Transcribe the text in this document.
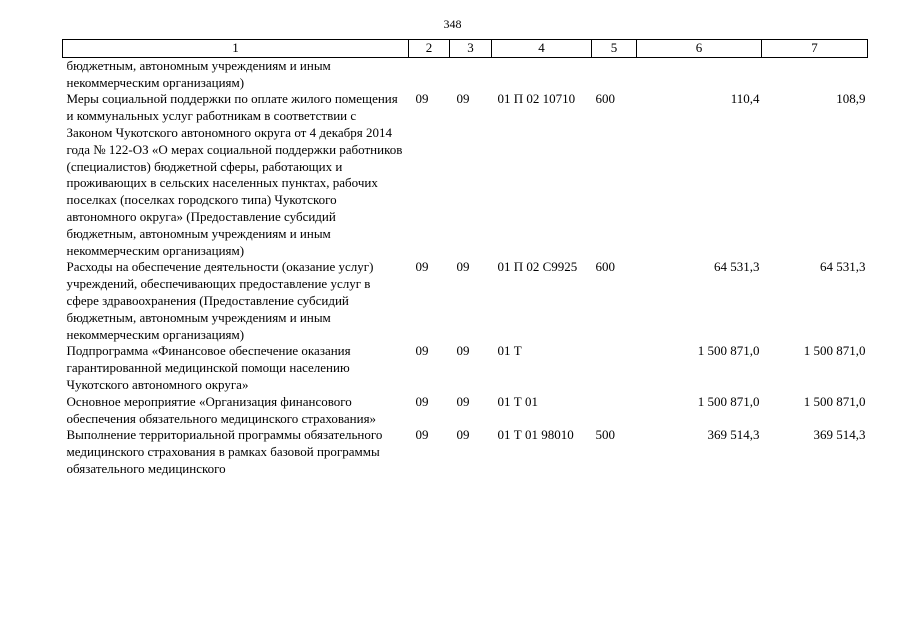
348
1	2	3	4	5	6	7
бюджетным, автономным учреждениям и иным некоммерческим организациям)						
Меры социальной поддержки по оплате жилого помещения и коммунальных услуг работникам в соответствии с Законом Чукотского автономного округа от 4 декабря 2014 года № 122-ОЗ «О мерах социальной поддержки работников (специалистов) бюджетной сферы, работающих и проживающих в сельских населенных пунктах, рабочих поселках (поселках городского типа) Чукотского автономного округа» (Предоставление субсидий бюджетным, автономным учреждениям и иным некоммерческим организациям)	09	09	01 П 02 10710	600	110,4	108,9
Расходы на обеспечение деятельности (оказание услуг) учреждений, обеспечивающих предоставление услуг в сфере здравоохранения (Предоставление субсидий бюджетным, автономным учреждениям и иным некоммерческим организациям)	09	09	01 П 02 С9925	600	64 531,3	64 531,3
Подпрограмма «Финансовое обеспечение оказания гарантированной медицинской помощи населению Чукотского автономного округа»	09	09	01 Т		1 500 871,0	1 500 871,0
Основное мероприятие «Организация финансового обеспечения обязательного медицинского страхования»	09	09	01 Т 01		1 500 871,0	1 500 871,0
Выполнение территориальной программы обязательного медицинского страхования в рамках базовой программы обязательного медицинского	09	09	01 Т 01 98010	500	369 514,3	369 514,3
